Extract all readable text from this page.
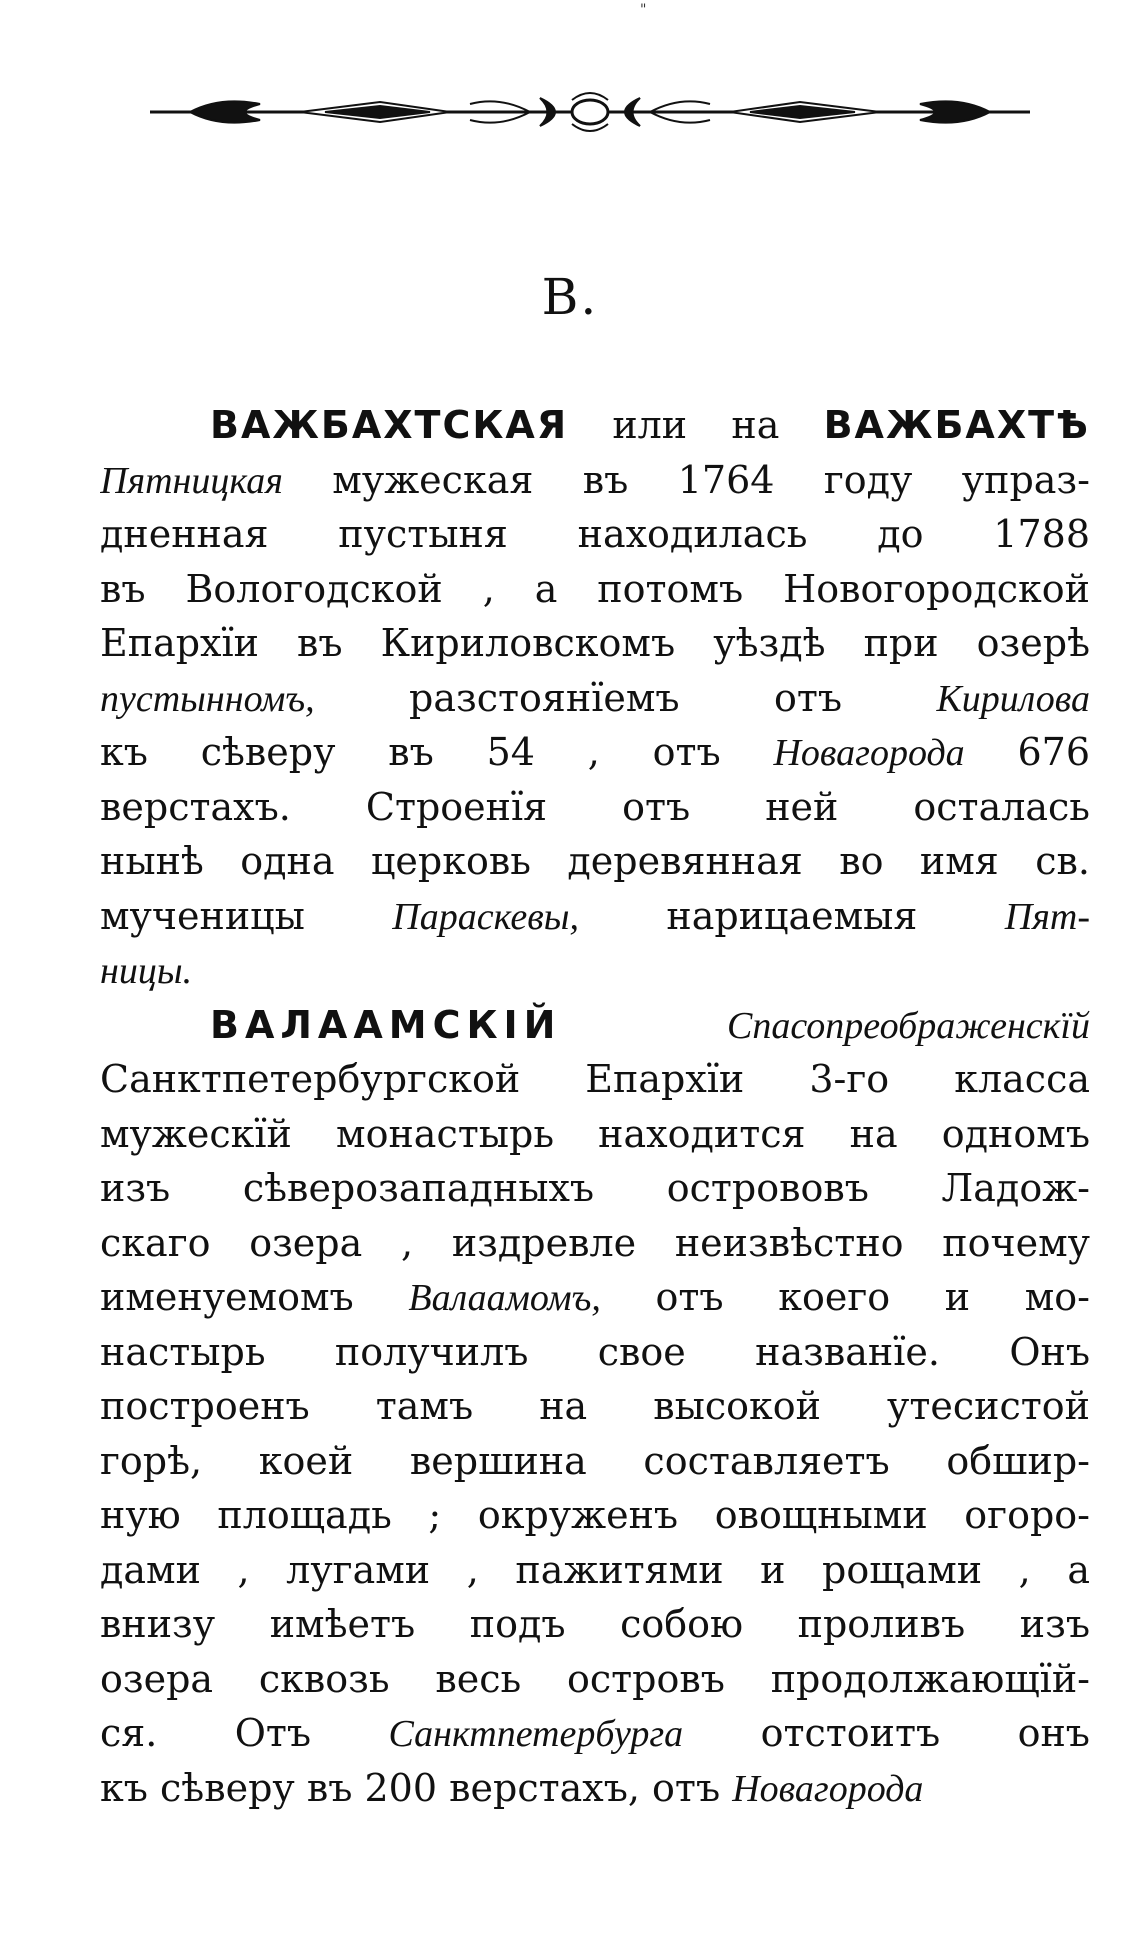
"
В.
ВАЖБАХТСКАЯ или на ВАЖБАХТѢ
Пятницкая мужеская въ 1764 году упраз-
дненная пустыня находилась до 1788
въ Вологодской , а потомъ Новогородской
Епархїи въ Кириловскомъ уѣздѣ при озерѣ
пустынномъ, разстоянїемъ отъ Кирилова
къ сѣверу въ 54 , отъ Новагорода 676
верстахъ. Строенїя отъ ней осталась
нынѣ одна церковь деревянная во имя св.
мученицы Параскевы, нарицаемыя Пят-
ницы.
ВАЛААМСКІЙ	Спасопреображенскїй
Санктпетербургской Епархїи 3-го класса
мужескїй монастырь находится на одномъ
изъ сѣверозападныхъ острововъ Ладож-
скаго озера , издревле неизвѣстно почему
именуемомъ Валаамомъ, отъ коего и мо-
настырь получилъ свое названїе. Онъ
построенъ тамъ на высокой утесистой
горѣ, коей вершина составляетъ обшир-
ную площадь ; окруженъ овощными огоро-
дами , лугами , пажитями и рощами , а
внизу имѣетъ подъ собою проливъ изъ
озера сквозь весь островъ продолжающїй-
ся. Отъ Санктпетербурга отстоитъ онъ
къ сѣверу въ 200 верстахъ, отъ Новагорода
